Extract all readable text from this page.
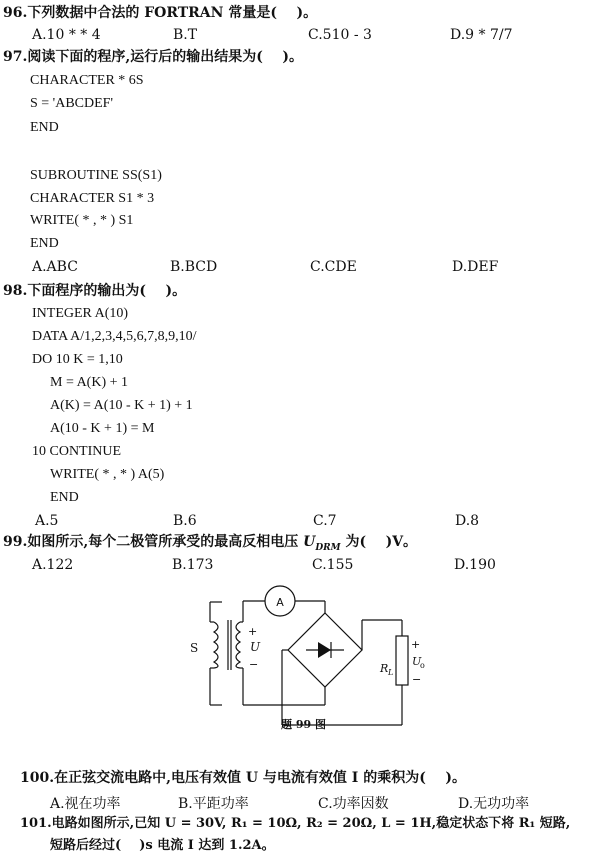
96.下列数据中合法的 FORTRAN 常量是(    )。
A.10 * * 4	B.T	C.510 - 3	D.9 * 7/7
97.阅读下面的程序,运行后的输出结果为(    )。
CHARACTER * 6S
S = 'ABCDEF'
END
SUBROUTINE SS(S1)
CHARACTER S1 * 3
WRITE( * , * ) S1
END
A.ABC	B.BCD	C.CDE	D.DEF
98.下面程序的输出为(    )。
INTEGER A(10)
DATA A/1,2,3,4,5,6,7,8,9,10/
DO 10 K = 1,10
M = A(K) + 1
A(K) = A(10 - K + 1) + 1
A(10 - K + 1) = M
10 CONTINUE
WRITE( * , * ) A(5)
END
A.5	B.6	C.7	D.8
99.如图所示,每个二极管所承受的最高反相电压 $U_{DRM}$ 为(    )V。
A.122	B.173	C.155	D.190
A
S
+
U
−	R L
+
U
o
−
题 99 图
100.在正弦交流电路中,电压有效值 U 与电流有效值 I 的乘积为(    )。
A.视在功率	B.平距功率	C.功率因数	D.无功功率
101.电路如图所示,已知 U = 30V, R₁ = 10Ω, R₂ = 20Ω, L = 1H,稳定状态下将 R₁ 短路,
短路后经过(    )s 电流 I 达到 1.2A。
